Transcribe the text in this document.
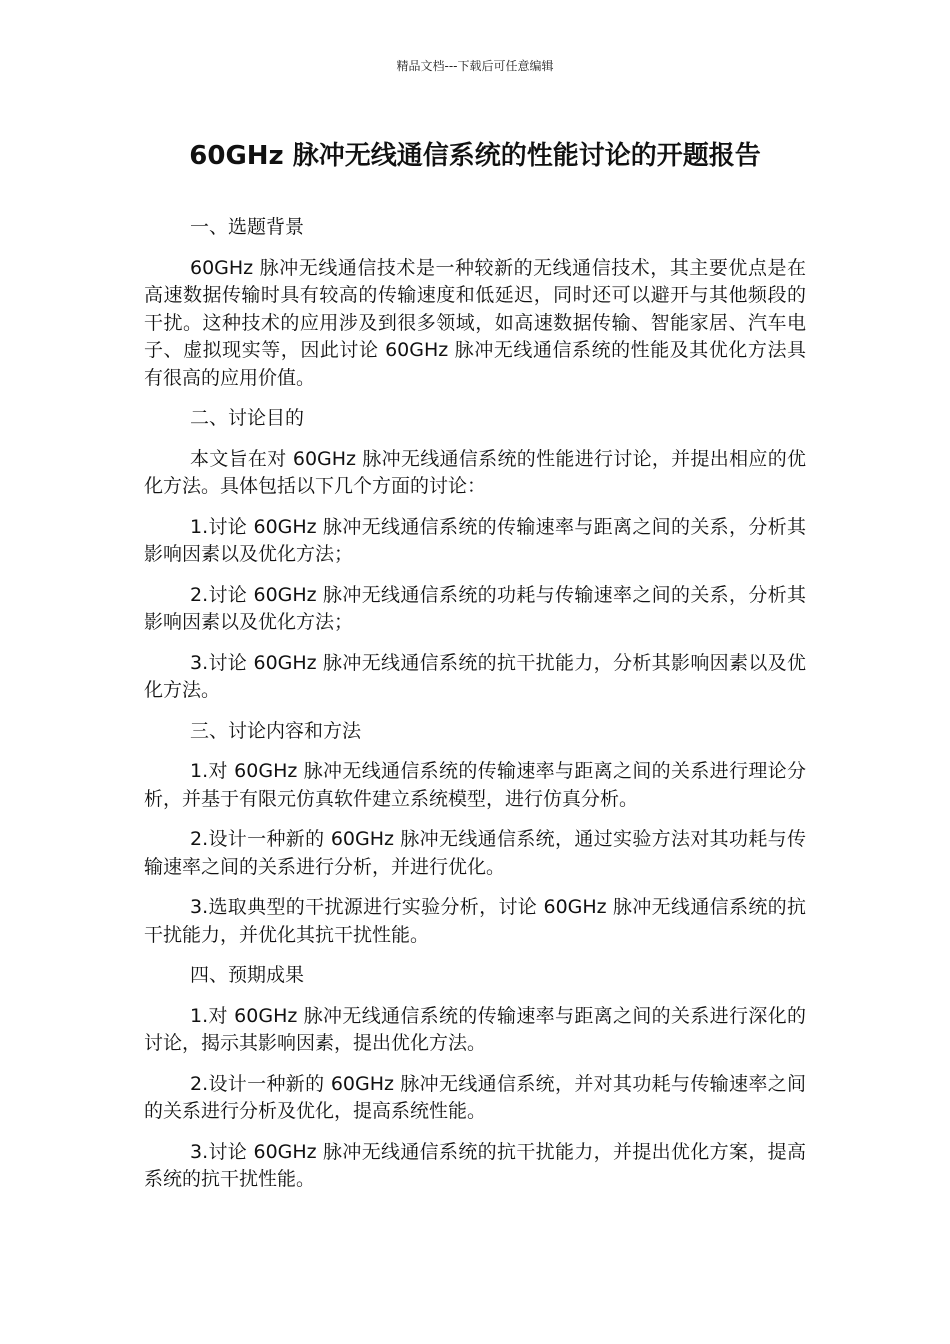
精品文档---下载后可任意编辑
60GHz 脉冲无线通信系统的性能讨论的开题报告

一、选题背景

60GHz 脉冲无线通信技术是一种较新的无线通信技术，其主要优点是在高速数据传输时具有较高的传输速度和低延迟，同时还可以避开与其他频段的干扰。这种技术的应用涉及到很多领域，如高速数据传输、智能家居、汽车电子、虚拟现实等，因此讨论 60GHz 脉冲无线通信系统的性能及其优化方法具有很高的应用价值。

二、讨论目的

本文旨在对 60GHz 脉冲无线通信系统的性能进行讨论，并提出相应的优化方法。具体包括以下几个方面的讨论：

1.讨论 60GHz 脉冲无线通信系统的传输速率与距离之间的关系，分析其影响因素以及优化方法；

2.讨论 60GHz 脉冲无线通信系统的功耗与传输速率之间的关系，分析其影响因素以及优化方法；

3.讨论 60GHz 脉冲无线通信系统的抗干扰能力，分析其影响因素以及优化方法。

三、讨论内容和方法

1.对 60GHz 脉冲无线通信系统的传输速率与距离之间的关系进行理论分析，并基于有限元仿真软件建立系统模型，进行仿真分析。

2.设计一种新的 60GHz 脉冲无线通信系统，通过实验方法对其功耗与传输速率之间的关系进行分析，并进行优化。

3.选取典型的干扰源进行实验分析，讨论 60GHz 脉冲无线通信系统的抗干扰能力，并优化其抗干扰性能。

四、预期成果

1.对 60GHz 脉冲无线通信系统的传输速率与距离之间的关系进行深化的讨论，揭示其影响因素，提出优化方法。

2.设计一种新的 60GHz 脉冲无线通信系统，并对其功耗与传输速率之间的关系进行分析及优化，提高系统性能。

3.讨论 60GHz 脉冲无线通信系统的抗干扰能力，并提出优化方案，提高系统的抗干扰性能。
